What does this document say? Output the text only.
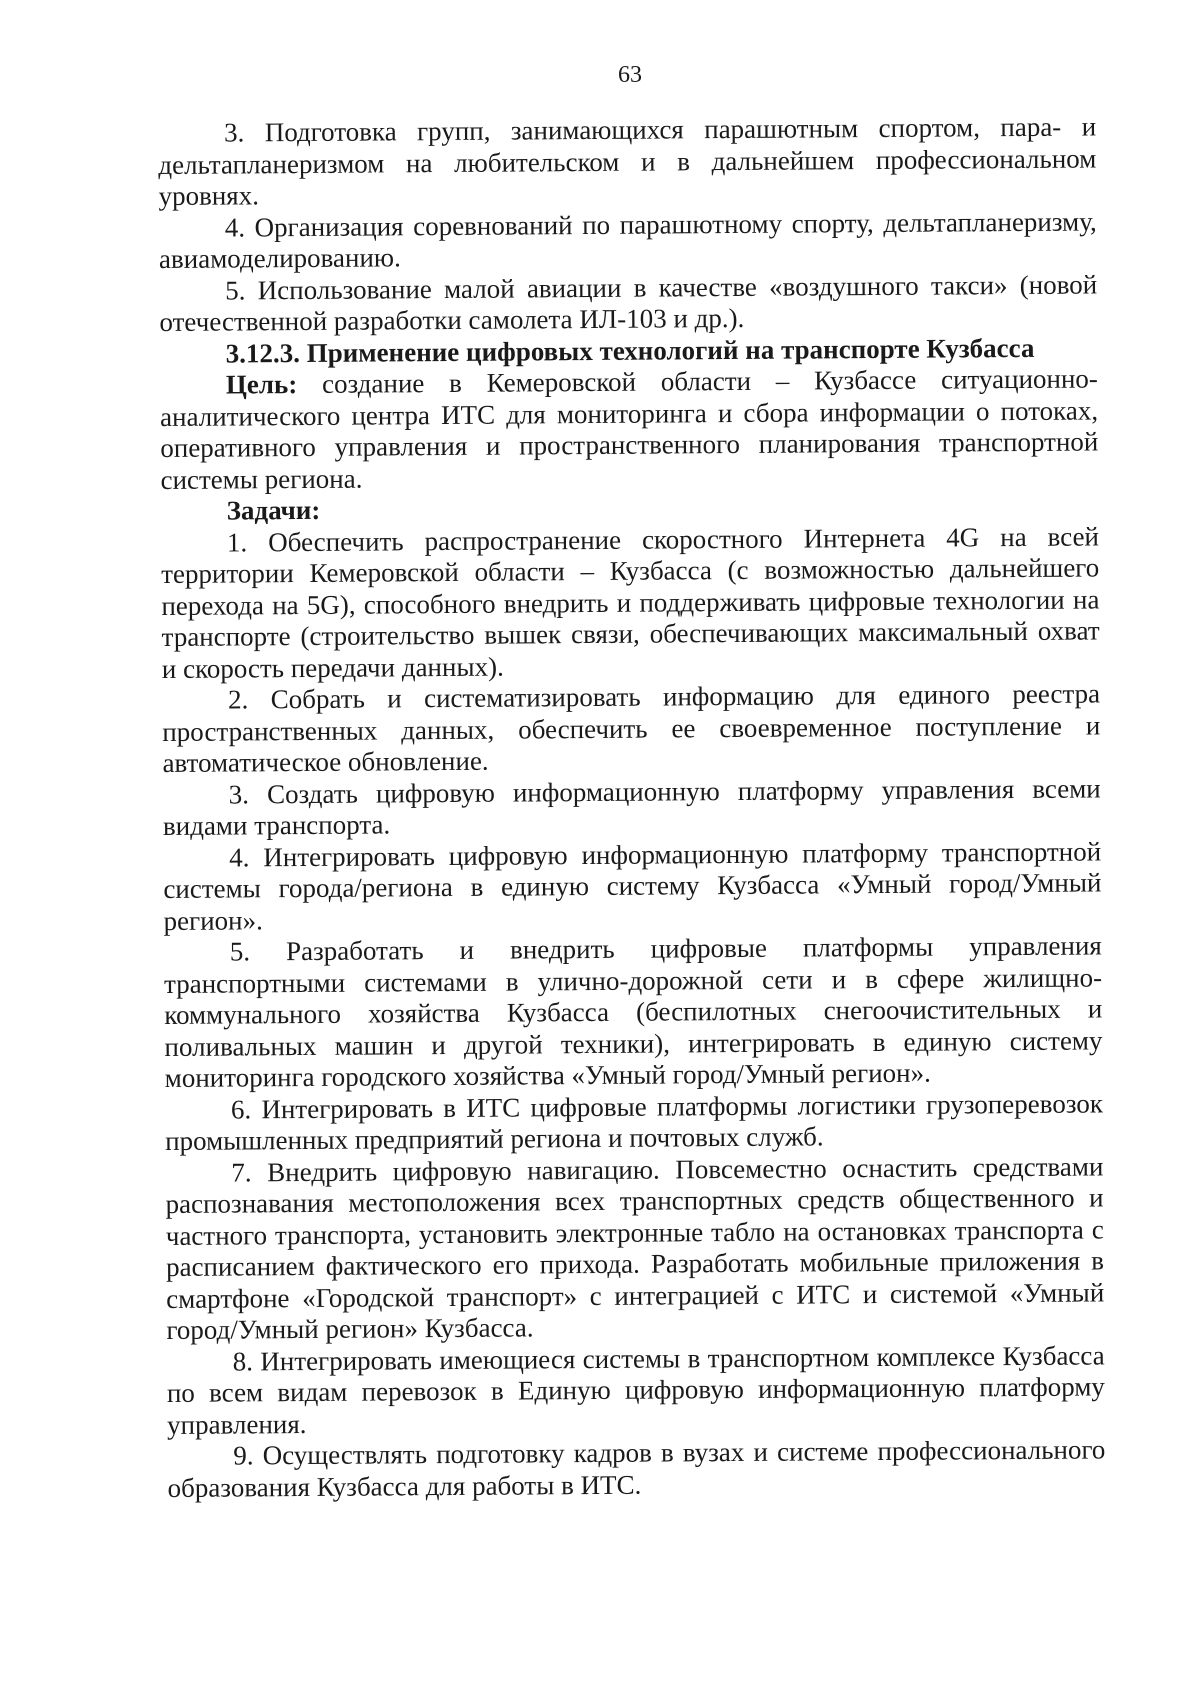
63

3. Подготовка групп, занимающихся парашютным спортом, пара- и дельтапланеризмом на любительском и в дальнейшем профессиональном уровнях.

4. Организация соревнований по парашютному спорту, дельтапланеризму, авиамоделированию.

5. Использование малой авиации в качестве «воздушного такси» (новой отечественной разработки самолета ИЛ-103 и др.).

3.12.3. Применение цифровых технологий на транспорте Кузбасса

Цель: создание в Кемеровской области – Кузбассе ситуационно-аналитического центра ИТС для мониторинга и сбора информации о потоках, оперативного управления и пространственного планирования транспортной системы региона.

Задачи:

1. Обеспечить распространение скоростного Интернета 4G на всей территории Кемеровской области – Кузбасса (с возможностью дальнейшего перехода на 5G), способного внедрить и поддерживать цифровые технологии на транспорте (строительство вышек связи, обеспечивающих максимальный охват и скорость передачи данных).

2. Собрать и систематизировать информацию для единого реестра пространственных данных, обеспечить ее своевременное поступление и автоматическое обновление.

3. Создать цифровую информационную платформу управления всеми видами транспорта.

4. Интегрировать цифровую информационную платформу транспортной системы города/региона в единую систему Кузбасса «Умный город/Умный регион».

5. Разработать и внедрить цифровые платформы управления транспортными системами в улично-дорожной сети и в сфере жилищно-коммунального хозяйства Кузбасса (беспилотных снегоочистительных и поливальных машин и другой техники), интегрировать в единую систему мониторинга городского хозяйства «Умный город/Умный регион».

6. Интегрировать в ИТС цифровые платформы логистики грузоперевозок промышленных предприятий региона и почтовых служб.

7. Внедрить цифровую навигацию. Повсеместно оснастить средствами распознавания местоположения всех транспортных средств общественного и частного транспорта, установить электронные табло на остановках транспорта с расписанием фактического его прихода. Разработать мобильные приложения в смартфоне «Городской транспорт» с интеграцией с ИТС и системой «Умный город/Умный регион» Кузбасса.

8. Интегрировать имеющиеся системы в транспортном комплексе Кузбасса по всем видам перевозок в Единую цифровую информационную платформу управления.

9. Осуществлять подготовку кадров в вузах и системе профессионального образования Кузбасса для работы в ИТС.
